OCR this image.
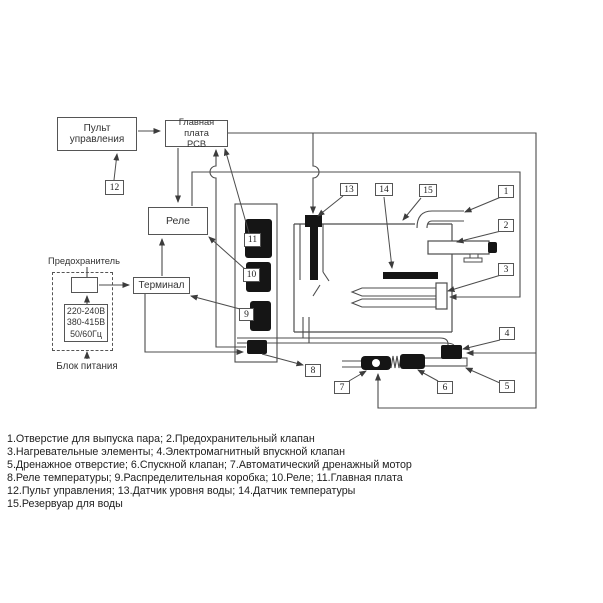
Пульт
управления
Главная плата
PCB
Реле
Терминал
Предохранитель
220-240В
380-415В
50/60Гц
Блок питания
1
2
3
4
5
6
7
8
9
10
11
12	13	14	15
1.Отверстие для выпуска пара; 2.Предохранительный клапан
3.Нагревательные элементы; 4.Электромагнитный впускной клапан
5.Дренажное отверстие; 6.Спускной клапан; 7.Автоматический дренажный мотор
8.Реле температуры; 9.Распределительная коробка; 10.Реле; 11.Главная плата
12.Пульт управления; 13.Датчик уровня воды; 14.Датчик температуры
15.Резервуар для воды
